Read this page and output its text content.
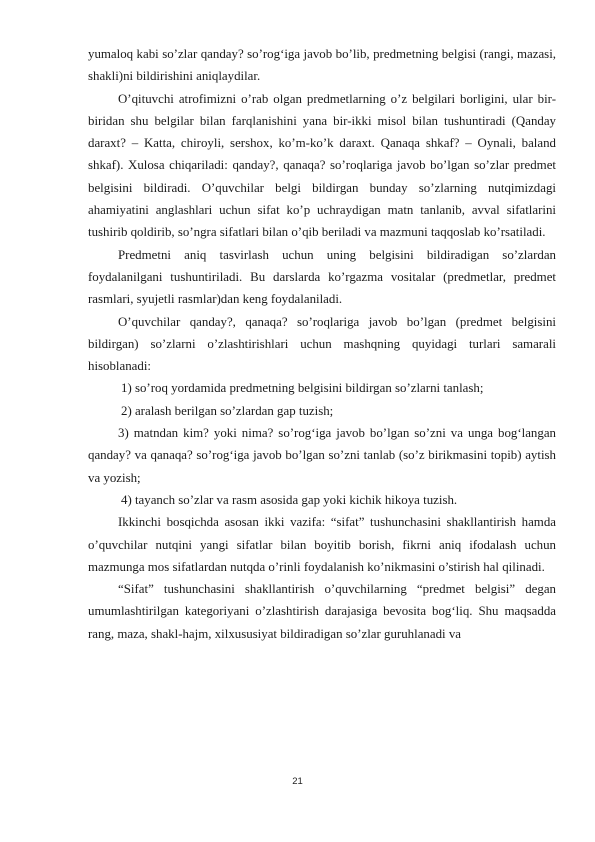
yumaloq kabi so’zlar qanday? so’rog‘iga javob bo’lib, predmetning belgisi (rangi, mazasi, shakli)ni bildirishini aniqlaydilar.

O’qituvchi atrofimizni o’rab olgan predmetlarning o’z belgilari borligini, ular bir-biridan shu belgilar bilan farqlanishini yana bir-ikki misol bilan tushuntiradi (Qanday daraxt? – Katta, chiroyli, sershox, ko’m-ko’k daraxt. Qanaqa shkaf? – Oynali, baland shkaf). Xulosa chiqariladi: qanday?, qanaqa? so’roqlariga javob bo’lgan so’zlar predmet belgisini bildiradi. O’quvchilar belgi bildirgan bunday so’zlarning nutqimizdagi ahamiyatini anglashlari uchun sifat ko’p uchraydigan matn tanlanib, avval sifatlarini tushirib qoldirib, so’ngra sifatlari bilan o’qib beriladi va mazmuni taqqoslab ko’rsatiladi.

Predmetni aniq tasvirlash uchun uning belgisini bildiradigan so’zlardan foydalanilgani tushuntiriladi. Bu darslarda ko’rgazma vositalar (predmetlar, predmet rasmlari, syujetli rasmlar)dan keng foydalaniladi.

O’quvchilar qanday?, qanaqa? so’roqlariga javob bo’lgan (predmet belgisini bildirgan) so’zlarni o’zlashtirishlari uchun mashqning quyidagi turlari samarali hisoblanadi:

1) so’roq yordamida predmetning belgisini bildirgan so’zlarni tanlash;

2) aralash berilgan so’zlardan gap tuzish;

3) matndan kim? yoki nima? so’rog‘iga javob bo’lgan so’zni va unga bog‘langan qanday? va qanaqa? so’rog‘iga javob bo’lgan so’zni tanlab (so’z birikmasini topib) aytish va yozish;

4) tayanch so’zlar va rasm asosida gap yoki kichik hikoya tuzish.

Ikkinchi bosqichda asosan ikki vazifa: “sifat” tushunchasini shakllantirish hamda o’quvchilar nutqini yangi sifatlar bilan boyitib borish, fikrni aniq ifodalash uchun mazmunga mos sifatlardan nutqda o’rinli foydalanish ko’nikmasini o’stirish hal qilinadi.

“Sifat” tushunchasini shakllantirish o’quvchilarning “predmet belgisi” degan umumlashtirilgan kategoriyani o’zlashtirish darajasiga bevosita bog‘liq. Shu maqsadda rang, maza, shakl-hajm, xilxususiyat bildiradigan so’zlar guruhlanadi va

21
